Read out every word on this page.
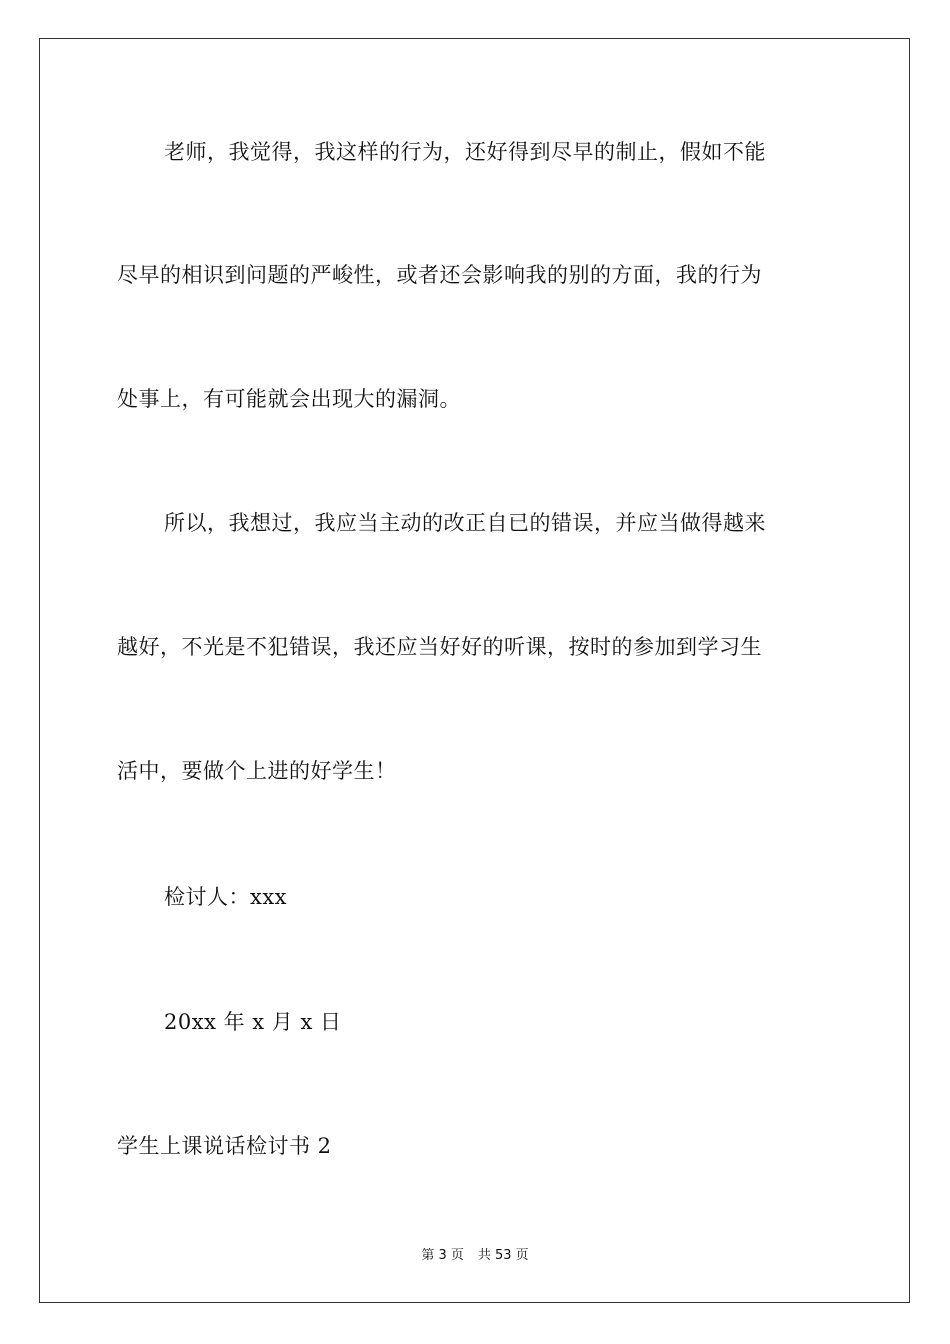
老师，我觉得，我这样的行为，还好得到尽早的制止，假如不能
尽早的相识到问题的严峻性，或者还会影响我的别的方面，我的行为
处事上，有可能就会出现大的漏洞。
所以，我想过，我应当主动的改正自已的错误，并应当做得越来
越好，不光是不犯错误，我还应当好好的听课，按时的参加到学习生
活中，要做个上进的好学生！
检讨人：xxx
20xx 年 x 月 x 日
学生上课说话检讨书 2
第 3 页 共 53 页
